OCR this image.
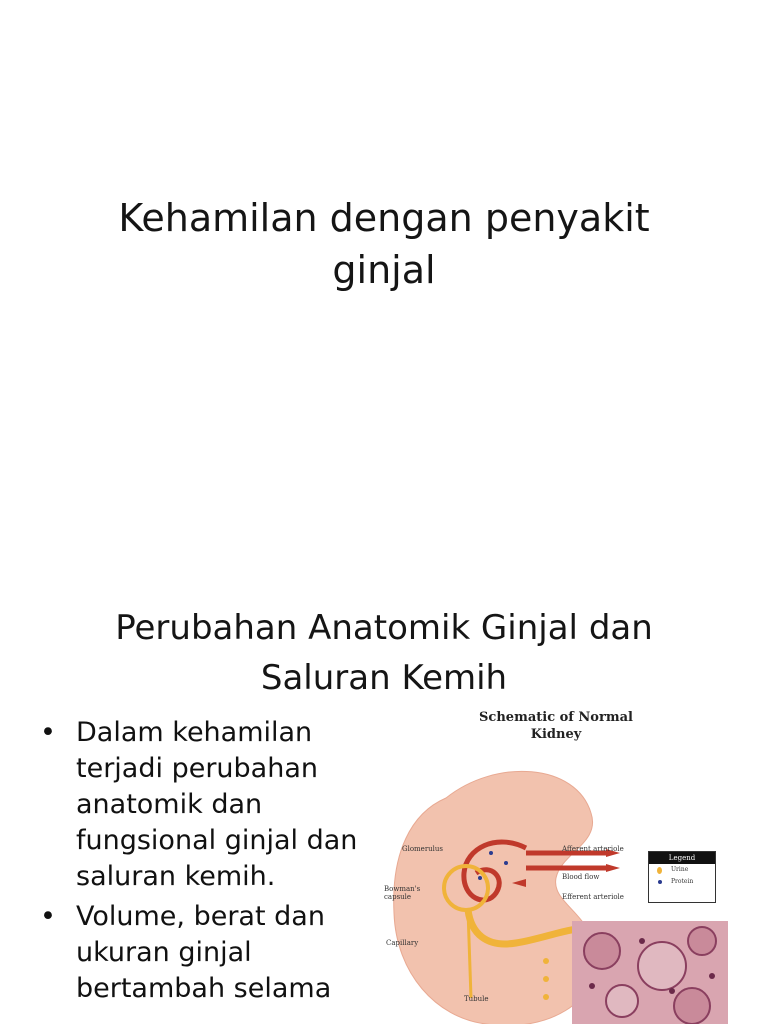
Kehamilan dengan penyakit ginjal
Perubahan Anatomik Ginjal dan Saluran Kemih
• Dalam kehamilan terjadi perubahan anatomik dan fungsional ginjal dan saluran kemih.
• Volume, berat dan ukuran ginjal bertambah selama
Schematic of Normal Kidney
Glomerulus
Bowman's capsule
Capillary
Tubule
Afferent arteriole
Blood flow
Efferent arteriole
Legend
Urine
Protein
